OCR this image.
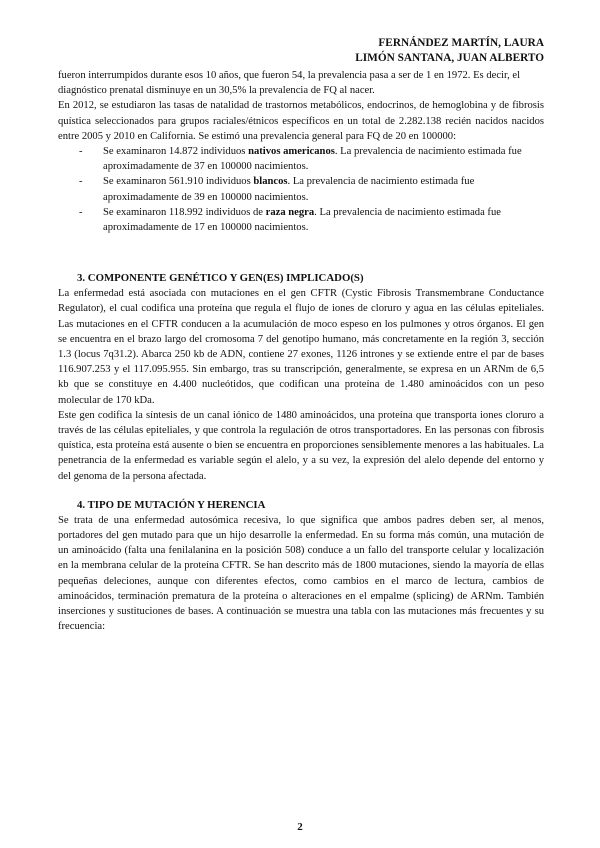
FERNÁNDEZ MARTÍN, LAURA
LIMÓN SANTANA, JUAN ALBERTO

fueron interrumpidos durante esos 10 años, que fueron 54, la prevalencia pasa a ser de 1 en 1972. Es decir, el diagnóstico prenatal disminuye en un 30,5% la prevalencia de FQ al nacer.

En 2012, se estudiaron las tasas de natalidad de trastornos metabólicos, endocrinos, de hemoglobina y de fibrosis quística seleccionados para grupos raciales/étnicos específicos en un total de 2.282.138 recién nacidos nacidos entre 2005 y 2010 en California. Se estimó una prevalencia general para FQ de 20 en 100000:

- Se examinaron 14.872 individuos nativos americanos. La prevalencia de nacimiento estimada fue aproximadamente de 37 en 100000 nacimientos.
- Se examinaron 561.910 individuos blancos. La prevalencia de nacimiento estimada fue aproximadamente de 39 en 100000 nacimientos.
- Se examinaron 118.992 individuos de raza negra. La prevalencia de nacimiento estimada fue aproximadamente de 17 en 100000 nacimientos.
3. COMPONENTE GENÉTICO Y GEN(ES) IMPLICADO(S)

La enfermedad está asociada con mutaciones en el gen CFTR (Cystic Fibrosis Transmembrane Conductance Regulator), el cual codifica una proteína que regula el flujo de iones de cloruro y agua en las células epiteliales. Las mutaciones en el CFTR conducen a la acumulación de moco espeso en los pulmones y otros órganos. El gen se encuentra en el brazo largo del cromosoma 7 del genotipo humano, más concretamente en la región 3, sección 1.3 (locus 7q31.2). Abarca 250 kb de ADN, contiene 27 exones, 1126 intrones y se extiende entre el par de bases 116.907.253 y el 117.095.955. Sin embargo, tras su transcripción, generalmente, se expresa en un ARNm de 6,5 kb que se constituye en 4.400 nucleótidos, que codifican una proteína de 1.480 aminoácidos con un peso molecular de 170 kDa.

Este gen codifica la síntesis de un canal iónico de 1480 aminoácidos, una proteína que transporta iones cloruro a través de las células epiteliales, y que controla la regulación de otros transportadores. En las personas con fibrosis quística, esta proteína está ausente o bien se encuentra en proporciones sensiblemente menores a las habituales. La penetrancia de la enfermedad es variable según el alelo, y a su vez, la expresión del alelo depende del entorno y del genoma de la persona afectada.

4. TIPO DE MUTACIÓN Y HERENCIA

Se trata de una enfermedad autosómica recesiva, lo que significa que ambos padres deben ser, al menos, portadores del gen mutado para que un hijo desarrolle la enfermedad. En su forma más común, una mutación de un aminoácido (falta una fenilalanina en la posición 508) conduce a un fallo del transporte celular y localización en la membrana celular de la proteína CFTR. Se han descrito más de 1800 mutaciones, siendo la mayoría de ellas pequeñas deleciones, aunque con diferentes efectos, como cambios en el marco de lectura, cambios de aminoácidos, terminación prematura de la proteína o alteraciones en el empalme (splicing) de ARNm. También inserciones y sustituciones de bases. A continuación se muestra una tabla con las mutaciones más frecuentes y su frecuencia:

2
